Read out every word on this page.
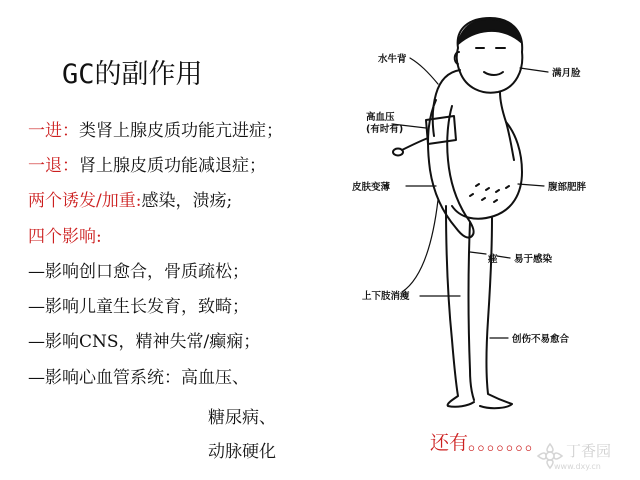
GC的副作用
一进：类肾上腺皮质功能亢进症；
一退：肾上腺皮质功能减退症；
两个诱发/加重:感染，溃疡;
四个影响:
—影响创口愈合，骨质疏松；
—影响儿童生长发育，致畸；
—影响CNS，精神失常/癫痫；
—影响心血管系统：高血压、
糖尿病、
动脉硬化
水牛背
满月脸
高血压
(有时有)
皮肤变薄	腹部肥胖
痤 易于感染
上下肢消瘦
创伤不易愈合
还有。。。。。。。 丁香园
www.dxy.cn
